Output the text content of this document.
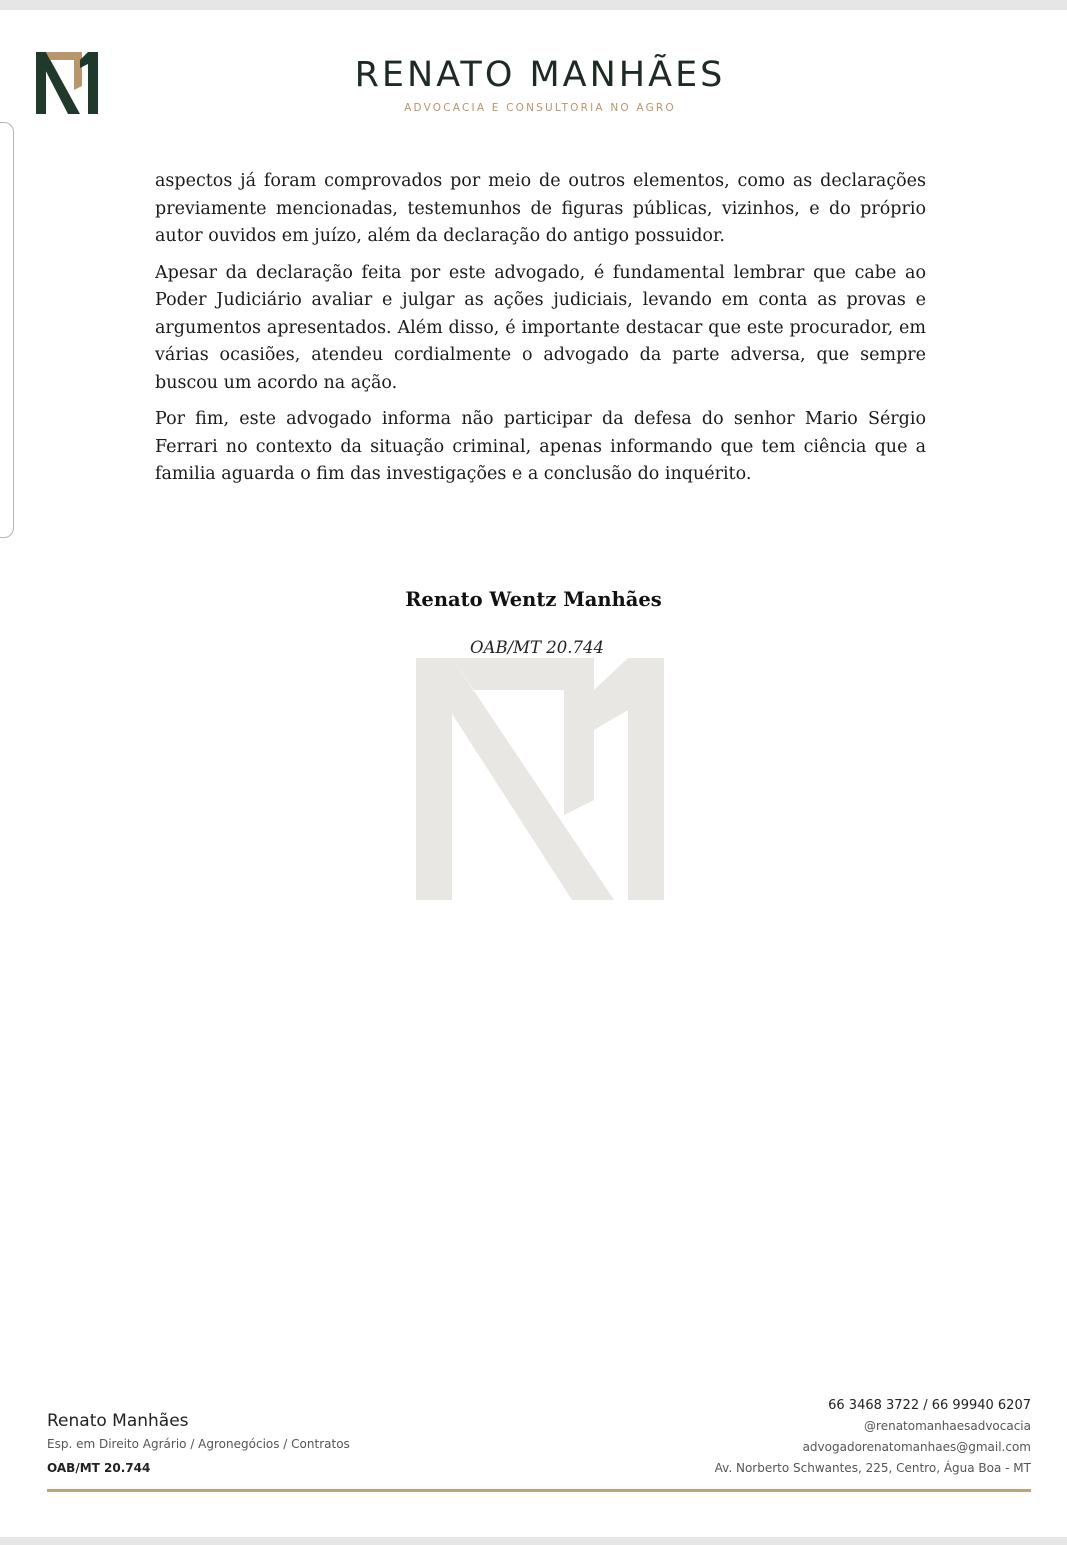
RENATO MANHÃES
ADVOCACIA E CONSULTORIA NO AGRO

aspectos já foram comprovados por meio de outros elementos, como as declarações previamente mencionadas, testemunhos de figuras públicas, vizinhos, e do próprio autor ouvidos em juízo, além da declaração do antigo possuidor.

Apesar da declaração feita por este advogado, é fundamental lembrar que cabe ao Poder Judiciário avaliar e julgar as ações judiciais, levando em conta as provas e argumentos apresentados. Além disso, é importante destacar que este procurador, em várias ocasiões, atendeu cordialmente o advogado da parte adversa, que sempre buscou um acordo na ação.

Por fim, este advogado informa não participar da defesa do senhor Mario Sérgio Ferrari no contexto da situação criminal, apenas informando que tem ciência que a familia aguarda o fim das investigações e a conclusão do inquérito.

Renato Wentz Manhães
OAB/MT 20.744
Renato Manhães
Esp. em Direito Agrário / Agronegócios / Contratos
OAB/MT 20.744
66 3468 3722 / 66 99940 6207
@renatomanhaesadvocacia
advogadorenatomanhaes@gmail.com
Av. Norberto Schwantes, 225, Centro, Água Boa - MT
